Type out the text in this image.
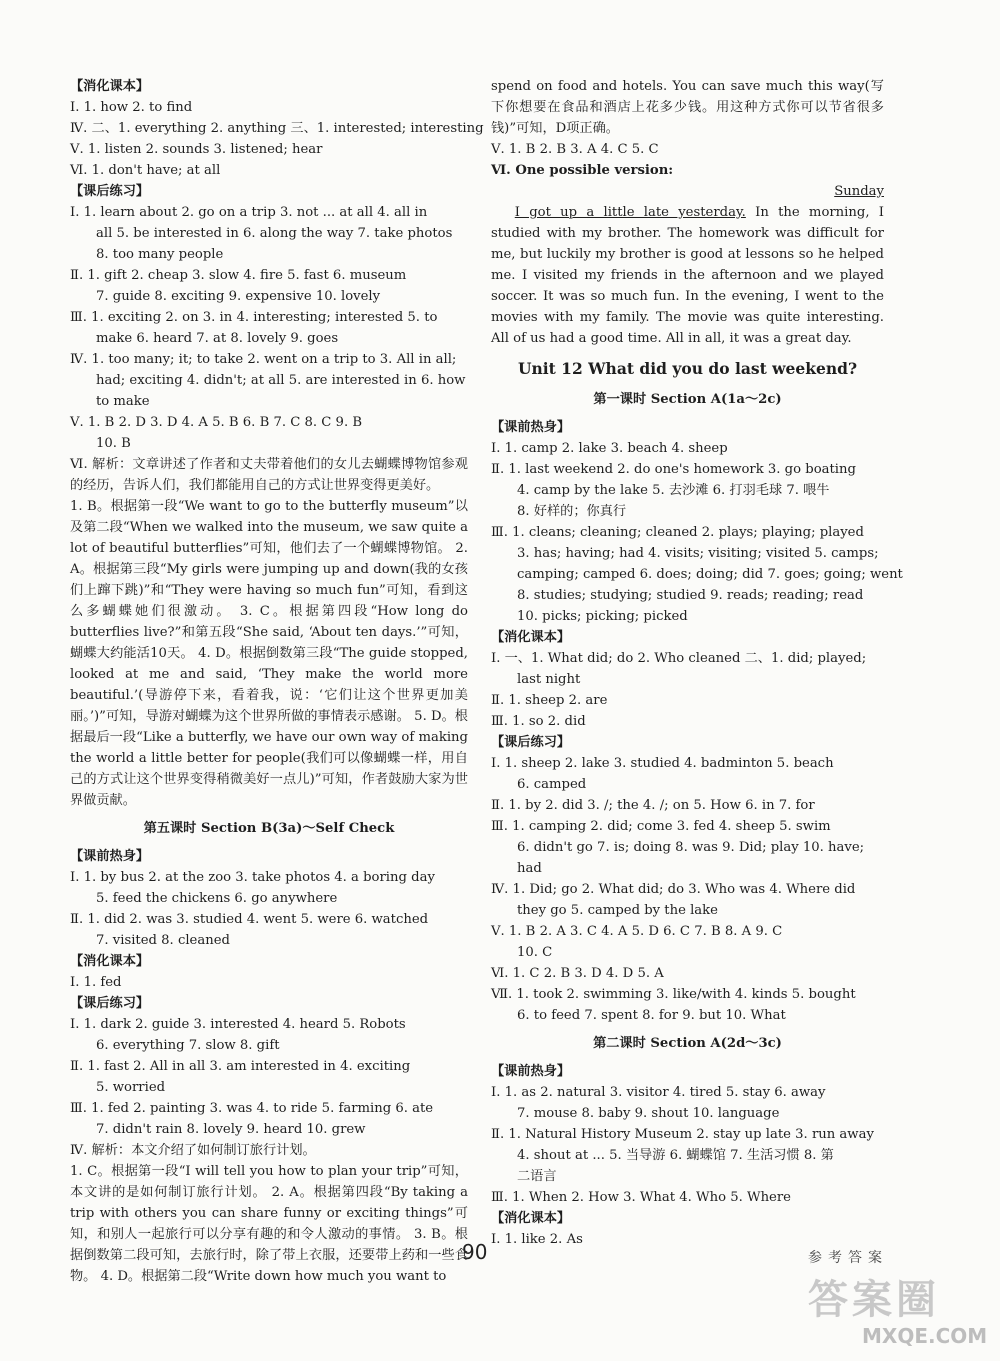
【消化课本】
Ⅰ. 1. how 2. to find
Ⅳ. 二、1. everything 2. anything 三、1. interested; interesting
Ⅴ. 1. listen 2. sounds 3. listened; hear
Ⅵ. 1. don't have; at all
【课后练习】
Ⅰ. 1. learn about 2. go on a trip 3. not ... at all 4. all in
all 5. be interested in 6. along the way 7. take photos
8. too many people
Ⅱ. 1. gift 2. cheap 3. slow 4. fire 5. fast 6. museum
7. guide 8. exciting 9. expensive 10. lovely
Ⅲ. 1. exciting 2. on 3. in 4. interesting; interested 5. to
make 6. heard 7. at 8. lovely 9. goes
Ⅳ. 1. too many; it; to take 2. went on a trip to 3. All in all;
had; exciting 4. didn't; at all 5. are interested in 6. how
to make
Ⅴ. 1. B 2. D 3. D 4. A 5. B 6. B 7. C 8. C 9. B
10. B
Ⅵ. 解析：文章讲述了作者和丈夫带着他们的女儿去蝴蝶博物馆参观的经历，告诉人们，我们都能用自己的方式让世界变得更美好。
1. B。根据第一段“We want to go to the butterfly museum”以及第二段“When we walked into the museum, we saw quite a lot of beautiful butterflies”可知，他们去了一个蝴蝶博物馆。 2. A。根据第三段“My girls were jumping up and down(我的女孩们上蹿下跳)”和“They were having so much fun”可知，看到这么多蝴蝶她们很激动。 3. C。根据第四段“How long do butterflies live?”和第五段“She said, ‘About ten days.’”可知，蝴蝶大约能活10天。 4. D。根据倒数第三段“The guide stopped, looked at me and said, ‘They make the world more beautiful.’(导游停下来，看着我，说：‘它们让这个世界更加美丽。’)”可知，导游对蝴蝶为这个世界所做的事情表示感谢。 5. D。根据最后一段“Like a butterfly, we have our own way of making the world a little better for people(我们可以像蝴蝶一样，用自己的方式让这个世界变得稍微美好一点儿)”可知，作者鼓励大家为世界做贡献。
第五课时 Section B(3a)～Self Check
【课前热身】
Ⅰ. 1. by bus 2. at the zoo 3. take photos 4. a boring day
5. feed the chickens 6. go anywhere
Ⅱ. 1. did 2. was 3. studied 4. went 5. were 6. watched
7. visited 8. cleaned
【消化课本】
Ⅰ. 1. fed
【课后练习】
Ⅰ. 1. dark 2. guide 3. interested 4. heard 5. Robots
6. everything 7. slow 8. gift
Ⅱ. 1. fast 2. All in all 3. am interested in 4. exciting
5. worried
Ⅲ. 1. fed 2. painting 3. was 4. to ride 5. farming 6. ate
7. didn't rain 8. lovely 9. heard 10. grew
Ⅳ. 解析：本文介绍了如何制订旅行计划。
1. C。根据第一段“I will tell you how to plan your trip”可知，本文讲的是如何制订旅行计划。 2. A。根据第四段“By taking a trip with others you can share funny or exciting things”可知，和别人一起旅行可以分享有趣的和令人激动的事情。 3. B。根据倒数第二段可知，去旅行时，除了带上衣服，还要带上药和一些食物。 4. D。根据第二段“Write down how much you want to
spend on food and hotels. You can save much this way(写下你想要在食品和酒店上花多少钱。用这种方式你可以节省很多钱)”可知，D项正确。
Ⅴ. 1. B 2. B 3. A 4. C 5. C
Ⅵ. One possible version:
Sunday
I got up a little late yesterday. In the morning, I studied with my brother. The homework was difficult for me, but luckily my brother is good at lessons so he helped me. I visited my friends in the afternoon and we played soccer. It was so much fun. In the evening, I went to the movies with my family. The movie was quite interesting. All of us had a good time. All in all, it was a great day.
Unit 12 What did you do last weekend?
第一课时 Section A(1a～2c)
【课前热身】
Ⅰ. 1. camp 2. lake 3. beach 4. sheep
Ⅱ. 1. last weekend 2. do one's homework 3. go boating
4. camp by the lake 5. 去沙滩 6. 打羽毛球 7. 喂牛
8. 好样的；你真行
Ⅲ. 1. cleans; cleaning; cleaned 2. plays; playing; played
3. has; having; had 4. visits; visiting; visited 5. camps;
camping; camped 6. does; doing; did 7. goes; going; went
8. studies; studying; studied 9. reads; reading; read
10. picks; picking; picked
【消化课本】
Ⅰ. 一、1. What did; do 2. Who cleaned 二、1. did; played;
last night
Ⅱ. 1. sheep 2. are
Ⅲ. 1. so 2. did
【课后练习】
Ⅰ. 1. sheep 2. lake 3. studied 4. badminton 5. beach
6. camped
Ⅱ. 1. by 2. did 3. /; the 4. /; on 5. How 6. in 7. for
Ⅲ. 1. camping 2. did; come 3. fed 4. sheep 5. swim
6. didn't go 7. is; doing 8. was 9. Did; play 10. have;
had
Ⅳ. 1. Did; go 2. What did; do 3. Who was 4. Where did
they go 5. camped by the lake
Ⅴ. 1. B 2. A 3. C 4. A 5. D 6. C 7. B 8. A 9. C
10. C
Ⅵ. 1. C 2. B 3. D 4. D 5. A
Ⅶ. 1. took 2. swimming 3. like/with 4. kinds 5. bought
6. to feed 7. spent 8. for 9. but 10. What
第二课时 Section A(2d～3c)
【课前热身】
Ⅰ. 1. as 2. natural 3. visitor 4. tired 5. stay 6. away
7. mouse 8. baby 9. shout 10. language
Ⅱ. 1. Natural History Museum 2. stay up late 3. run away
4. shout at ... 5. 当导游 6. 蝴蝶馆 7. 生活习惯 8. 第
二语言
Ⅲ. 1. When 2. How 3. What 4. Who 5. Where
【消化课本】
Ⅰ. 1. like 2. As
90	参考答案
答案圈
MXQE.COM
